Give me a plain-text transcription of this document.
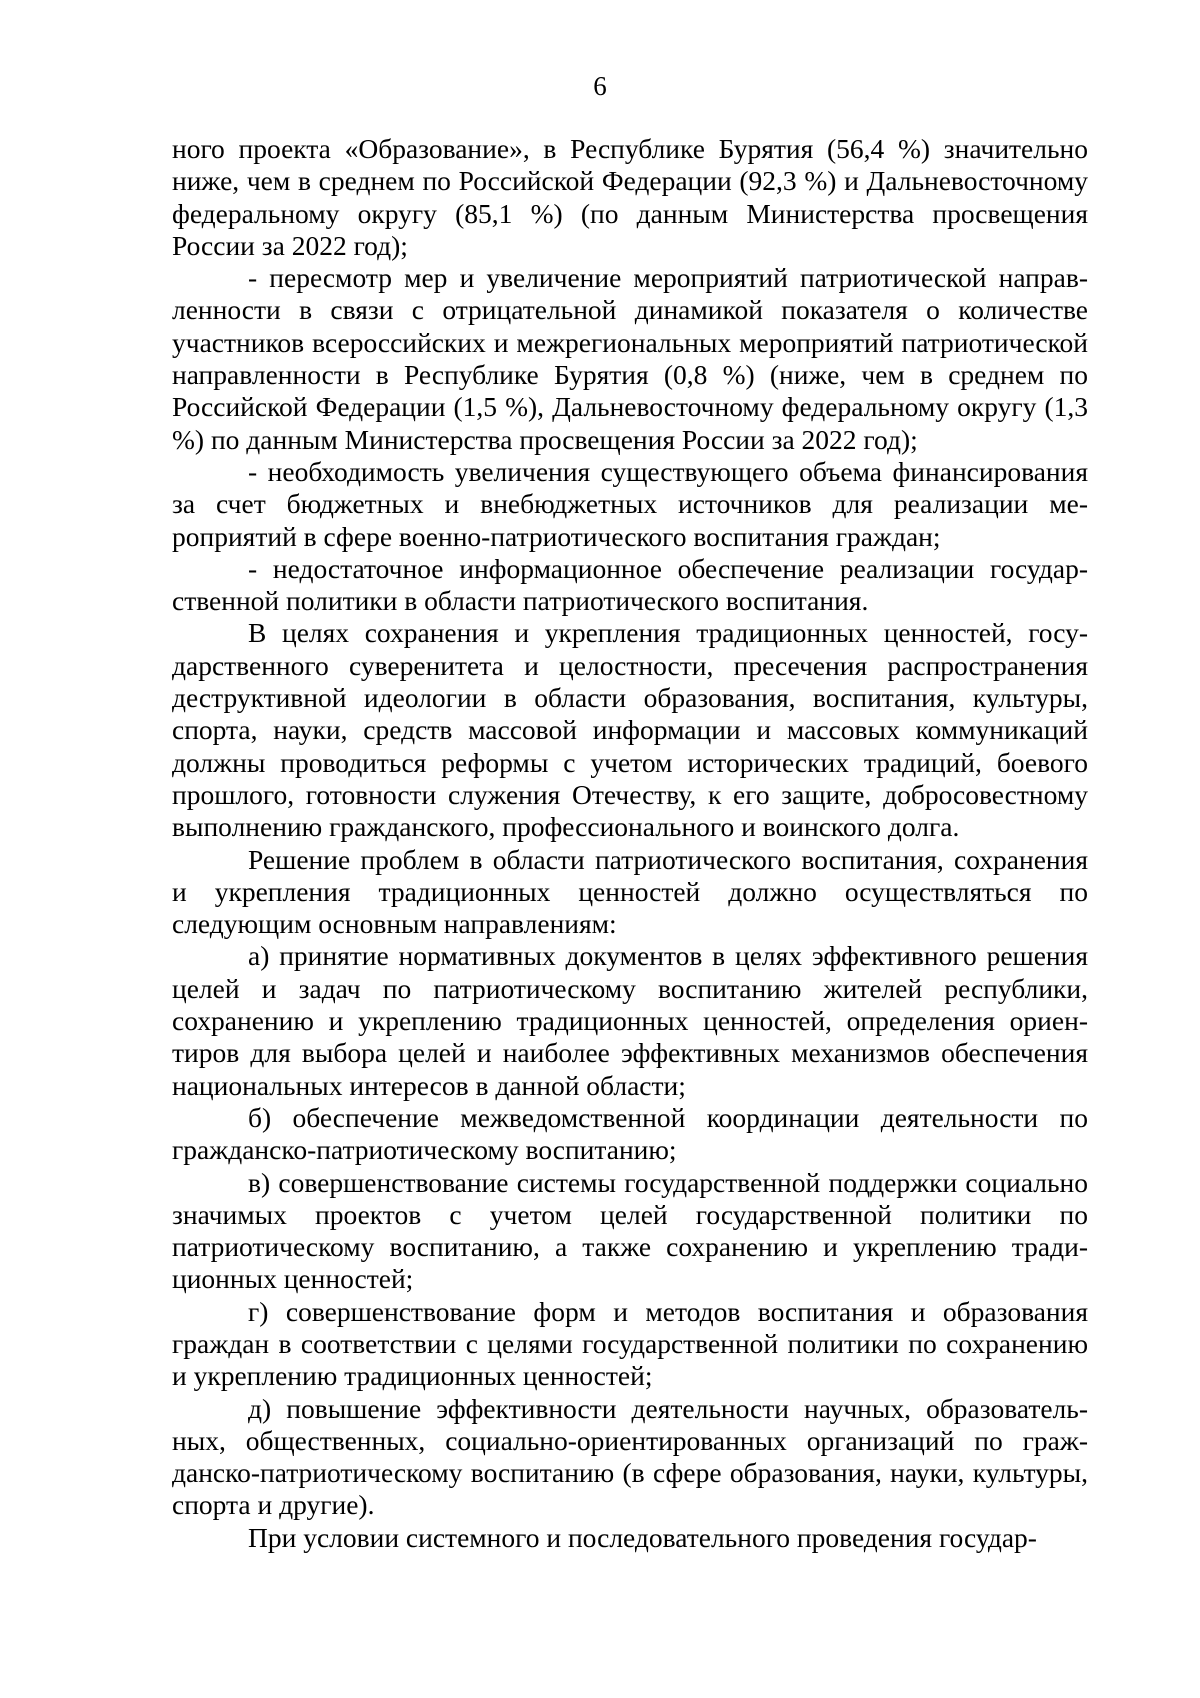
6

ного проекта «Образование», в Республике Бурятия (56,4 %) значительно ниже, чем в среднем по Российской Федерации (92,3 %) и Дальневосточному федеральному округу (85,1 %) (по данным Министерства просвещения России за 2022 год);

- пересмотр мер и увеличение мероприятий патриотической направленности в связи с отрицательной динамикой показателя о количестве участников всероссийских и межрегиональных мероприятий патриотической направленности в Республике Бурятия (0,8 %) (ниже, чем в среднем по Российской Федерации (1,5 %), Дальневосточному федеральному округу (1,3 %) по данным Министерства просвещения России за 2022 год);

- необходимость увеличения существующего объема финансирования за счет бюджетных и внебюджетных источников для реализации мероприятий в сфере военно-патриотического воспитания граждан;

- недостаточное информационное обеспечение реализации государственной политики в области патриотического воспитания.

В целях сохранения и укрепления традиционных ценностей, государственного суверенитета и целостности, пресечения распространения деструктивной идеологии в области образования, воспитания, культуры, спорта, науки, средств массовой информации и массовых коммуникаций должны проводиться реформы с учетом исторических традиций, боевого прошлого, готовности служения Отечеству, к его защите, добросовестному выполнению гражданского, профессионального и воинского долга.

Решение проблем в области патриотического воспитания, сохранения и укрепления традиционных ценностей должно осуществляться по следующим основным направлениям:

а) принятие нормативных документов в целях эффективного решения целей и задач по патриотическому воспитанию жителей республики, сохранению и укреплению традиционных ценностей, определения ориентиров для выбора целей и наиболее эффективных механизмов обеспечения национальных интересов в данной области;

б) обеспечение межведомственной координации деятельности по гражданско-патриотическому воспитанию;

в) совершенствование системы государственной поддержки социально значимых проектов с учетом целей государственной политики по патриотическому воспитанию, а также сохранению и укреплению традиционных ценностей;

г) совершенствование форм и методов воспитания и образования граждан в соответствии с целями государственной политики по сохранению и укреплению традиционных ценностей;

д) повышение эффективности деятельности научных, образовательных, общественных, социально-ориентированных организаций по гражданско-патриотическому воспитанию (в сфере образования, науки, культуры, спорта и другие).

При условии системного и последовательного проведения государ-
